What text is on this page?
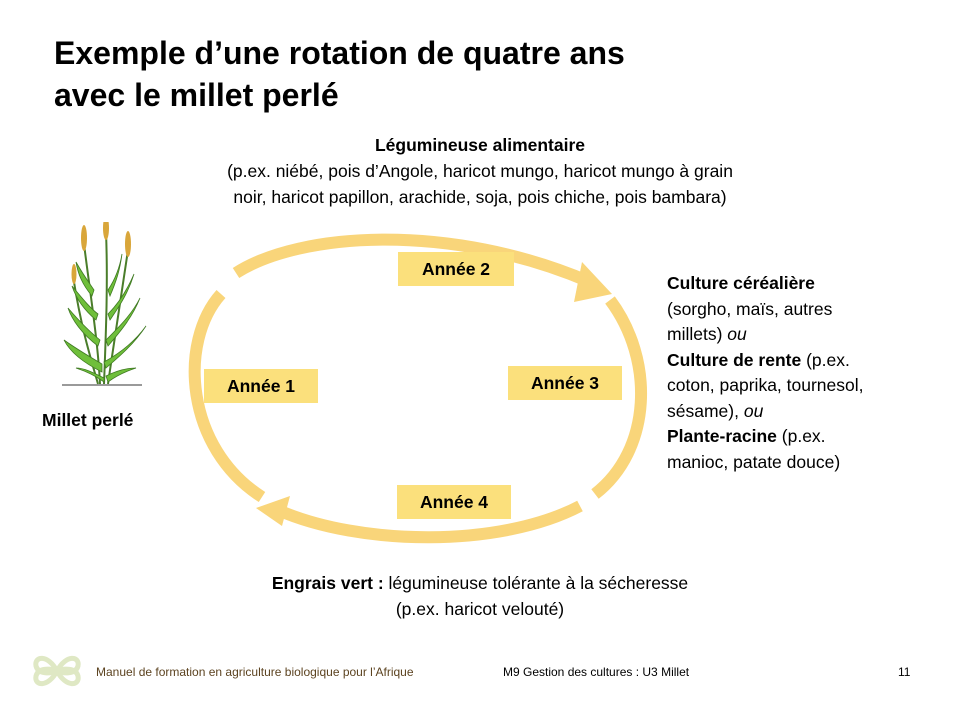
Exemple d’une rotation de quatre ans
avec le millet perlé
Légumineuse alimentaire
(p.ex. niébé, pois d’Angole, haricot mungo, haricot mungo à grain
noir, haricot papillon, arachide, soja, pois chiche, pois bambara)
Année 2
Année 1	Année 3
Année 4
Culture céréalière
(sorgho, maïs, autres
millets) ou
Culture de rente (p.ex.
coton, paprika, tournesol,
sésame), ou
Plante-racine (p.ex.
manioc, patate douce)
Engrais vert : légumineuse tolérante à la sécheresse
(p.ex. haricot velouté)
Millet perlé
Manuel de formation en agriculture biologique pour l’Afrique	M9 Gestion des cultures : U3 Millet	11
